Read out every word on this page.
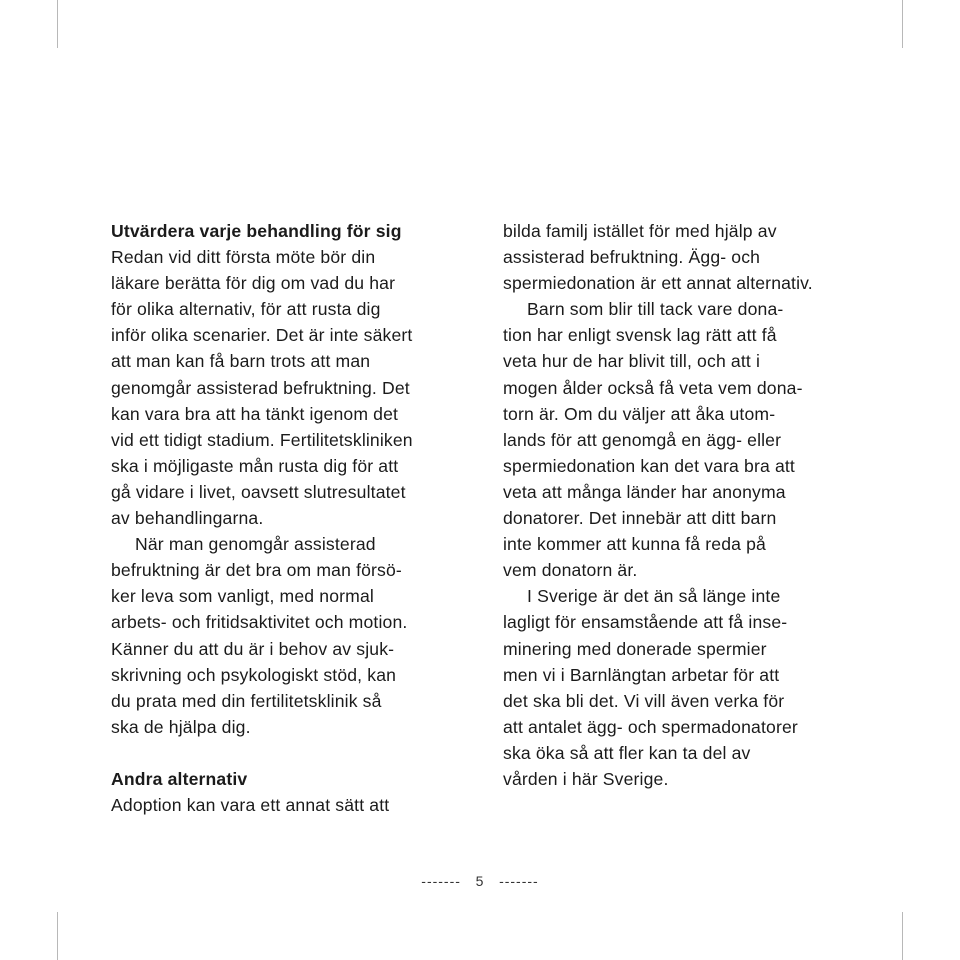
Utvärdera varje behandling för sig
Redan vid ditt första möte bör din
läkare berätta för dig om vad du har
för olika alternativ, för att rusta dig
inför olika scenarier. Det är inte säkert
att man kan få barn trots att man
genomgår assisterad befruktning. Det
kan vara bra att ha tänkt igenom det
vid ett tidigt stadium. Fertilitetskliniken
ska i möjligaste mån rusta dig för att
gå vidare i livet, oavsett slutresultatet
av behandlingarna.
När man genomgår assisterad
befruktning är det bra om man försö-
ker leva som vanligt, med normal
arbets- och fritidsaktivitet och motion.
Känner du att du är i behov av sjuk-
skrivning och psykologiskt stöd, kan
du prata med din fertilitetsklinik så
ska de hjälpa dig.
Andra alternativ
Adoption kan vara ett annat sätt att
bilda familj istället för med hjälp av
assisterad befruktning. Ägg- och
spermiedonation är ett annat alternativ.
Barn som blir till tack vare dona-
tion har enligt svensk lag rätt att få
veta hur de har blivit till, och att i
mogen ålder också få veta vem dona-
torn är. Om du väljer att åka utom-
lands för att genomgå en ägg- eller
spermiedonation kan det vara bra att
veta att många länder har anonyma
donatorer. Det innebär att ditt barn
inte kommer att kunna få reda på
vem donatorn är.
I Sverige är det än så länge inte
lagligt för ensamstående att få inse-
minering med donerade spermier
men vi i Barnlängtan arbetar för att
det ska bli det. Vi vill även verka för
att antalet ägg- och spermadonatorer
ska öka så att fler kan ta del av
vården i här Sverige.
------- 5 -------
